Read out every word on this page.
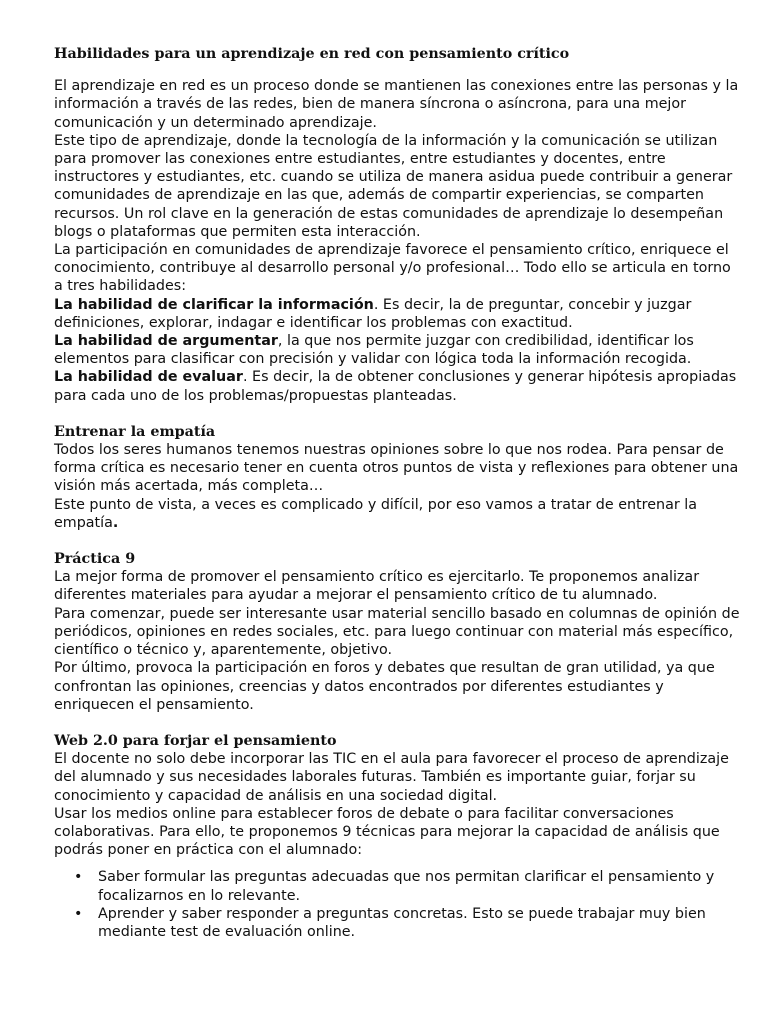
Habilidades para un aprendizaje en red con pensamiento crítico

El aprendizaje en red es un proceso donde se mantienen las conexiones entre las personas y la información a través de las redes, bien de manera síncrona o asíncrona, para una mejor comunicación y un determinado aprendizaje.

Este tipo de aprendizaje, donde la tecnología de la información y la comunicación se utilizan para promover las conexiones entre estudiantes, entre estudiantes y docentes, entre instructores y estudiantes, etc. cuando se utiliza de manera asidua puede contribuir a generar comunidades de aprendizaje en las que, además de compartir experiencias, se comparten recursos. Un rol clave en la generación de estas comunidades de aprendizaje lo desempeñan blogs o plataformas que permiten esta interacción.

La participación en comunidades de aprendizaje favorece el pensamiento crítico, enriquece el conocimiento, contribuye al desarrollo personal y/o profesional… Todo ello se articula en torno a tres habilidades:

La habilidad de clarificar la información. Es decir, la de preguntar, concebir y juzgar definiciones, explorar, indagar e identificar los problemas con exactitud.

La habilidad de argumentar, la que nos permite juzgar con credibilidad, identificar los elementos para clasificar con precisión y validar con lógica toda la información recogida.

La habilidad de evaluar. Es decir, la de obtener conclusiones y generar hipótesis apropiadas para cada uno de los problemas/propuestas planteadas.

Entrenar la empatía

Todos los seres humanos tenemos nuestras opiniones sobre lo que nos rodea. Para pensar de forma crítica es necesario tener en cuenta otros puntos de vista y reflexiones para obtener una visión más acertada, más completa…

Este punto de vista, a veces es complicado y difícil, por eso vamos a tratar de entrenar la empatía.

Práctica 9

La mejor forma de promover el pensamiento crítico es ejercitarlo. Te proponemos analizar diferentes materiales para ayudar a mejorar el pensamiento crítico de tu alumnado.

Para comenzar, puede ser interesante usar material sencillo basado en columnas de opinión de periódicos, opiniones en redes sociales, etc. para luego continuar con material más específico, científico o técnico y, aparentemente, objetivo.

Por último, provoca la participación en foros y debates que resultan de gran utilidad, ya que confrontan las opiniones, creencias y datos encontrados por diferentes estudiantes y enriquecen el pensamiento.

Web 2.0 para forjar el pensamiento

El docente no solo debe incorporar las TIC en el aula para favorecer el proceso de aprendizaje del alumnado y sus necesidades laborales futuras. También es importante guiar, forjar su conocimiento y capacidad de análisis en una sociedad digital.

Usar los medios online para establecer foros de debate o para facilitar conversaciones colaborativas. Para ello, te proponemos 9 técnicas para mejorar la capacidad de análisis que podrás poner en práctica con el alumnado:

• Saber formular las preguntas adecuadas que nos permitan clarificar el pensamiento y focalizarnos en lo relevante.
• Aprender y saber responder a preguntas concretas. Esto se puede trabajar muy bien mediante test de evaluación online.
